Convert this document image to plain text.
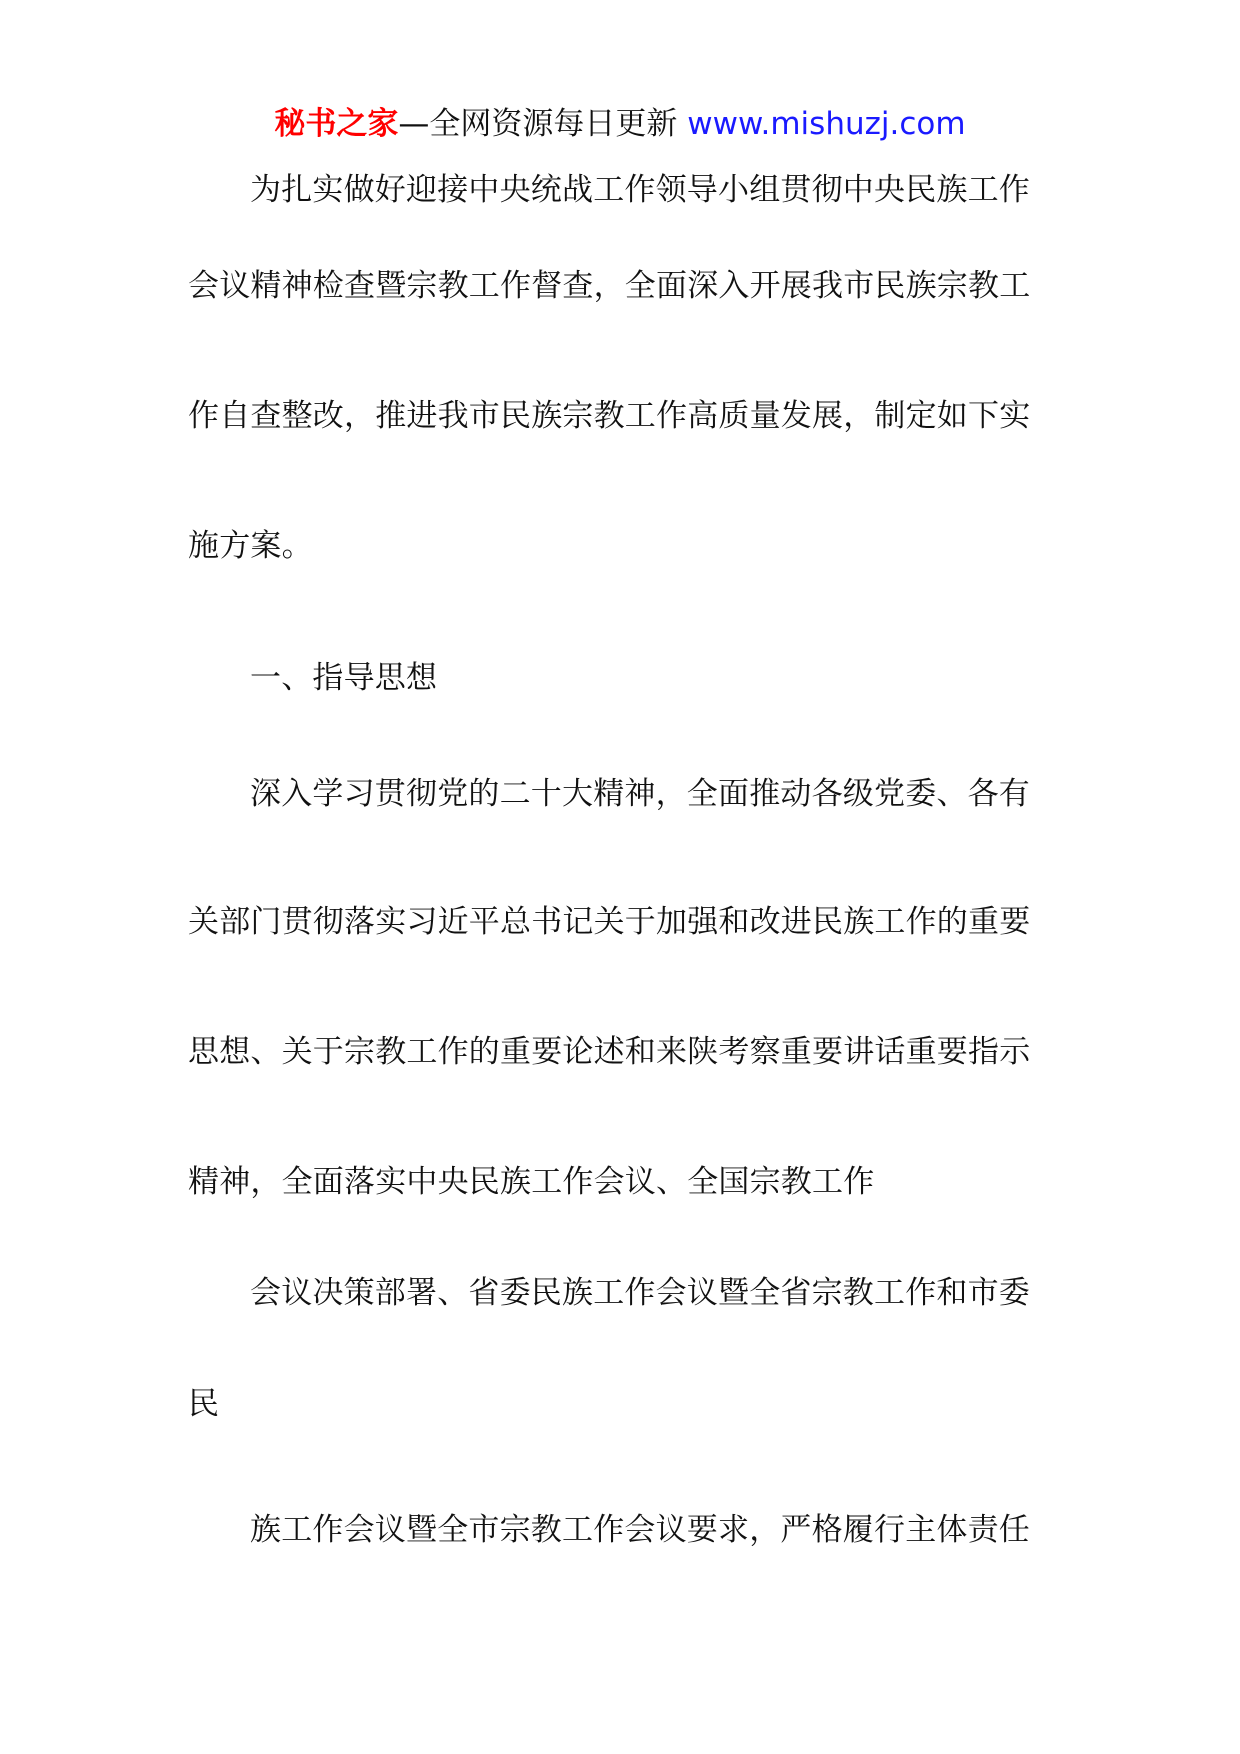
秘书之家—全网资源每日更新 www.mishuzj.com
为扎实做好迎接中央统战工作领导小组贯彻中央民族工作
会议精神检查暨宗教工作督查，全面深入开展我市民族宗教工
作自查整改，推进我市民族宗教工作高质量发展，制定如下实
施方案。
一、指导思想
深入学习贯彻党的二十大精神，全面推动各级党委、各有
关部门贯彻落实习近平总书记关于加强和改进民族工作的重要
思想、关于宗教工作的重要论述和来陕考察重要讲话重要指示
精神，全面落实中央民族工作会议、全国宗教工作
会议决策部署、省委民族工作会议暨全省宗教工作和市委
民
族工作会议暨全市宗教工作会议要求，严格履行主体责任
